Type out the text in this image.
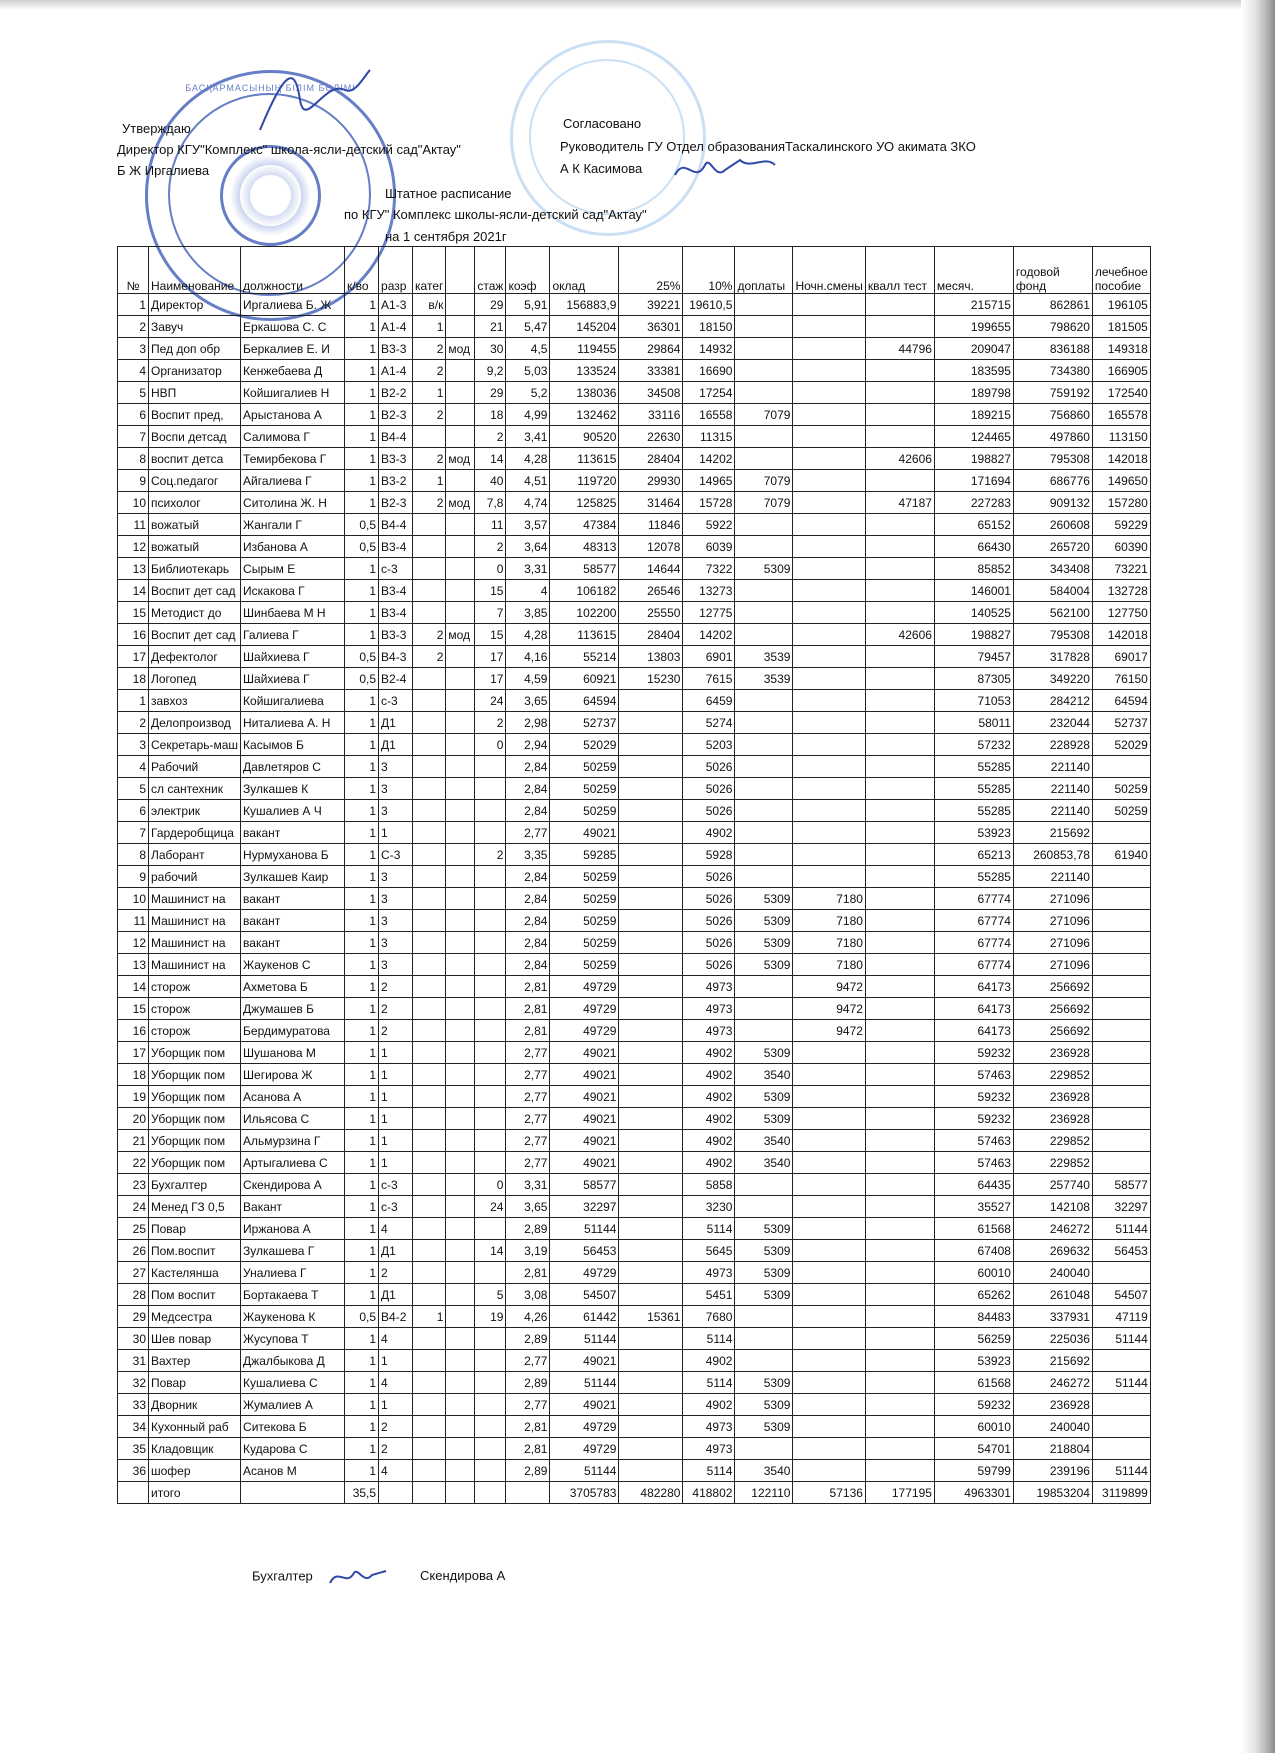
БАСҚАРМАСЫНЫҢ БІЛІМ БӨЛІМІ
Утверждаю
Директор КГУ"Комплекс" школа-ясли-детский сад"Актау"
Б Ж Иргалиева
Согласовано
Руководитель ГУ Отдел образованияТаскалинского УО акимата ЗКО
А К Касимова
Штатное расписание
по КГУ" Комплекс школы-ясли-детский сад"Актау"
на 1 сентября 2021г
№	Наименование	должности	к/во	разр	катег		стаж	коэф	оклад	25%	10%	доплаты	Ночн.смены	квалл тест	месяч.	годовой фонд	лечебное пособие
1	Директор	Иргалиева Б. Ж	1	А1-3	в/к		29	5,91	156883,9	39221	19610,5				215715	862861	196105
2	Завуч	Еркашова С. С	1	А1-4	1		21	5,47	145204	36301	18150				199655	798620	181505
3	Пед доп обр	Беркалиев Е. И	1	В3-3	2	мод	30	4,5	119455	29864	14932			44796	209047	836188	149318
4	Организатор	Кенжебаева Д	1	А1-4	2		9,2	5,03	133524	33381	16690				183595	734380	166905
5	НВП	Койшигалиев Н	1	В2-2	1		29	5,2	138036	34508	17254				189798	759192	172540
6	Воспит пред,	Арыстанова А	1	В2-3	2		18	4,99	132462	33116	16558	7079			189215	756860	165578
7	Воспи детсад	Салимова Г	1	В4-4			2	3,41	90520	22630	11315				124465	497860	113150
8	воспит детса	Темирбекова Г	1	В3-3	2	мод	14	4,28	113615	28404	14202			42606	198827	795308	142018
9	Соц.педагог	Айгалиева Г	1	В3-2	1		40	4,51	119720	29930	14965	7079			171694	686776	149650
10	психолог	Ситолина Ж. Н	1	В2-3	2	мод	7,8	4,74	125825	31464	15728	7079		47187	227283	909132	157280
11	вожатый	Жангали Г	0,5	В4-4			11	3,57	47384	11846	5922				65152	260608	59229
12	вожатый	Избанова А	0,5	В3-4			2	3,64	48313	12078	6039				66430	265720	60390
13	Библиотекарь	Сырым Е	1	с-3			0	3,31	58577	14644	7322	5309			85852	343408	73221
14	Воспит дет сад	Искакова Г	1	В3-4			15	4	106182	26546	13273				146001	584004	132728
15	Методист до	Шинбаева М Н	1	В3-4			7	3,85	102200	25550	12775				140525	562100	127750
16	Воспит дет сад	Галиева Г	1	В3-3	2	мод	15	4,28	113615	28404	14202			42606	198827	795308	142018
17	Дефектолог	Шайхиева Г	0,5	В4-3	2		17	4,16	55214	13803	6901	3539			79457	317828	69017
18	Логопед	Шайхиева Г	0,5	В2-4			17	4,59	60921	15230	7615	3539			87305	349220	76150
1	завхоз	Койшигалиева	1	с-3			24	3,65	64594		6459				71053	284212	64594
2	Делопроизвод	Ниталиева А. Н	1	Д1			2	2,98	52737		5274				58011	232044	52737
3	Секретарь-маш	Касымов Б	1	Д1			0	2,94	52029		5203				57232	228928	52029
4	Рабочий	Давлетяров С	1	3				2,84	50259		5026				55285	221140	
5	сл сантехник	Зулкашев К	1	3				2,84	50259		5026				55285	221140	50259
6	электрик	Кушалиев А Ч	1	3				2,84	50259		5026				55285	221140	50259
7	Гардеробщица	вакант	1	1				2,77	49021		4902				53923	215692	
8	Лаборант	Нурмуханова Б	1	С-3			2	3,35	59285		5928				65213	260853,78	61940
9	рабочий	Зулкашев Каир	1	3				2,84	50259		5026				55285	221140	
10	Машинист на	вакант	1	3				2,84	50259		5026	5309	7180		67774	271096	
11	Машинист на	вакант	1	3				2,84	50259		5026	5309	7180		67774	271096	
12	Машинист на	вакант	1	3				2,84	50259		5026	5309	7180		67774	271096	
13	Машинист на	Жаукенов С	1	3				2,84	50259		5026	5309	7180		67774	271096	
14	сторож	Ахметова Б	1	2				2,81	49729		4973		9472		64173	256692	
15	сторож	Джумашев Б	1	2				2,81	49729		4973		9472		64173	256692	
16	сторож	Бердимуратова	1	2				2,81	49729		4973		9472		64173	256692	
17	Уборщик пом	Шушанова М	1	1				2,77	49021		4902	5309			59232	236928	
18	Уборщик пом	Шегирова Ж	1	1				2,77	49021		4902	3540			57463	229852	
19	Уборщик пом	Асанова А	1	1				2,77	49021		4902	5309			59232	236928	
20	Уборщик пом	Ильясова С	1	1				2,77	49021		4902	5309			59232	236928	
21	Уборщик пом	Альмурзина Г	1	1				2,77	49021		4902	3540			57463	229852	
22	Уборщик пом	Артыгалиева С	1	1				2,77	49021		4902	3540			57463	229852	
23	Бухгалтер	Скендирова А	1	с-3			0	3,31	58577		5858				64435	257740	58577
24	Менед ГЗ 0,5	Вакант	1	с-3			24	3,65	32297		3230				35527	142108	32297
25	Повар	Иржанова А	1	4				2,89	51144		5114	5309			61568	246272	51144
26	Пом.воспит	Зулкашева Г	1	Д1			14	3,19	56453		5645	5309			67408	269632	56453
27	Кастелянша	Уналиева Г	1	2				2,81	49729		4973	5309			60010	240040	
28	Пом воспит	Бортакаева Т	1	Д1			5	3,08	54507		5451	5309			65262	261048	54507
29	Медсестра	Жаукенова К	0,5	В4-2	1		19	4,26	61442	15361	7680				84483	337931	47119
30	Шев повар	Жусупова Т	1	4				2,89	51144		5114				56259	225036	51144
31	Вахтер	Джалбыкова Д	1	1				2,77	49021		4902				53923	215692	
32	Повар	Кушалиева С	1	4				2,89	51144		5114	5309			61568	246272	51144
33	Дворник	Жумалиев А	1	1				2,77	49021		4902	5309			59232	236928	
34	Кухонный раб	Ситекова Б	1	2				2,81	49729		4973	5309			60010	240040	
35	Кладовщик	Кударова С	1	2				2,81	49729		4973				54701	218804	
36	шофер	Асанов М	1	4				2,89	51144		5114	3540			59799	239196	51144
	итого		35,5						3705783	482280	418802	122110	57136	177195	4963301	19853204	3119899
Бухгалтер	Скендирова А
